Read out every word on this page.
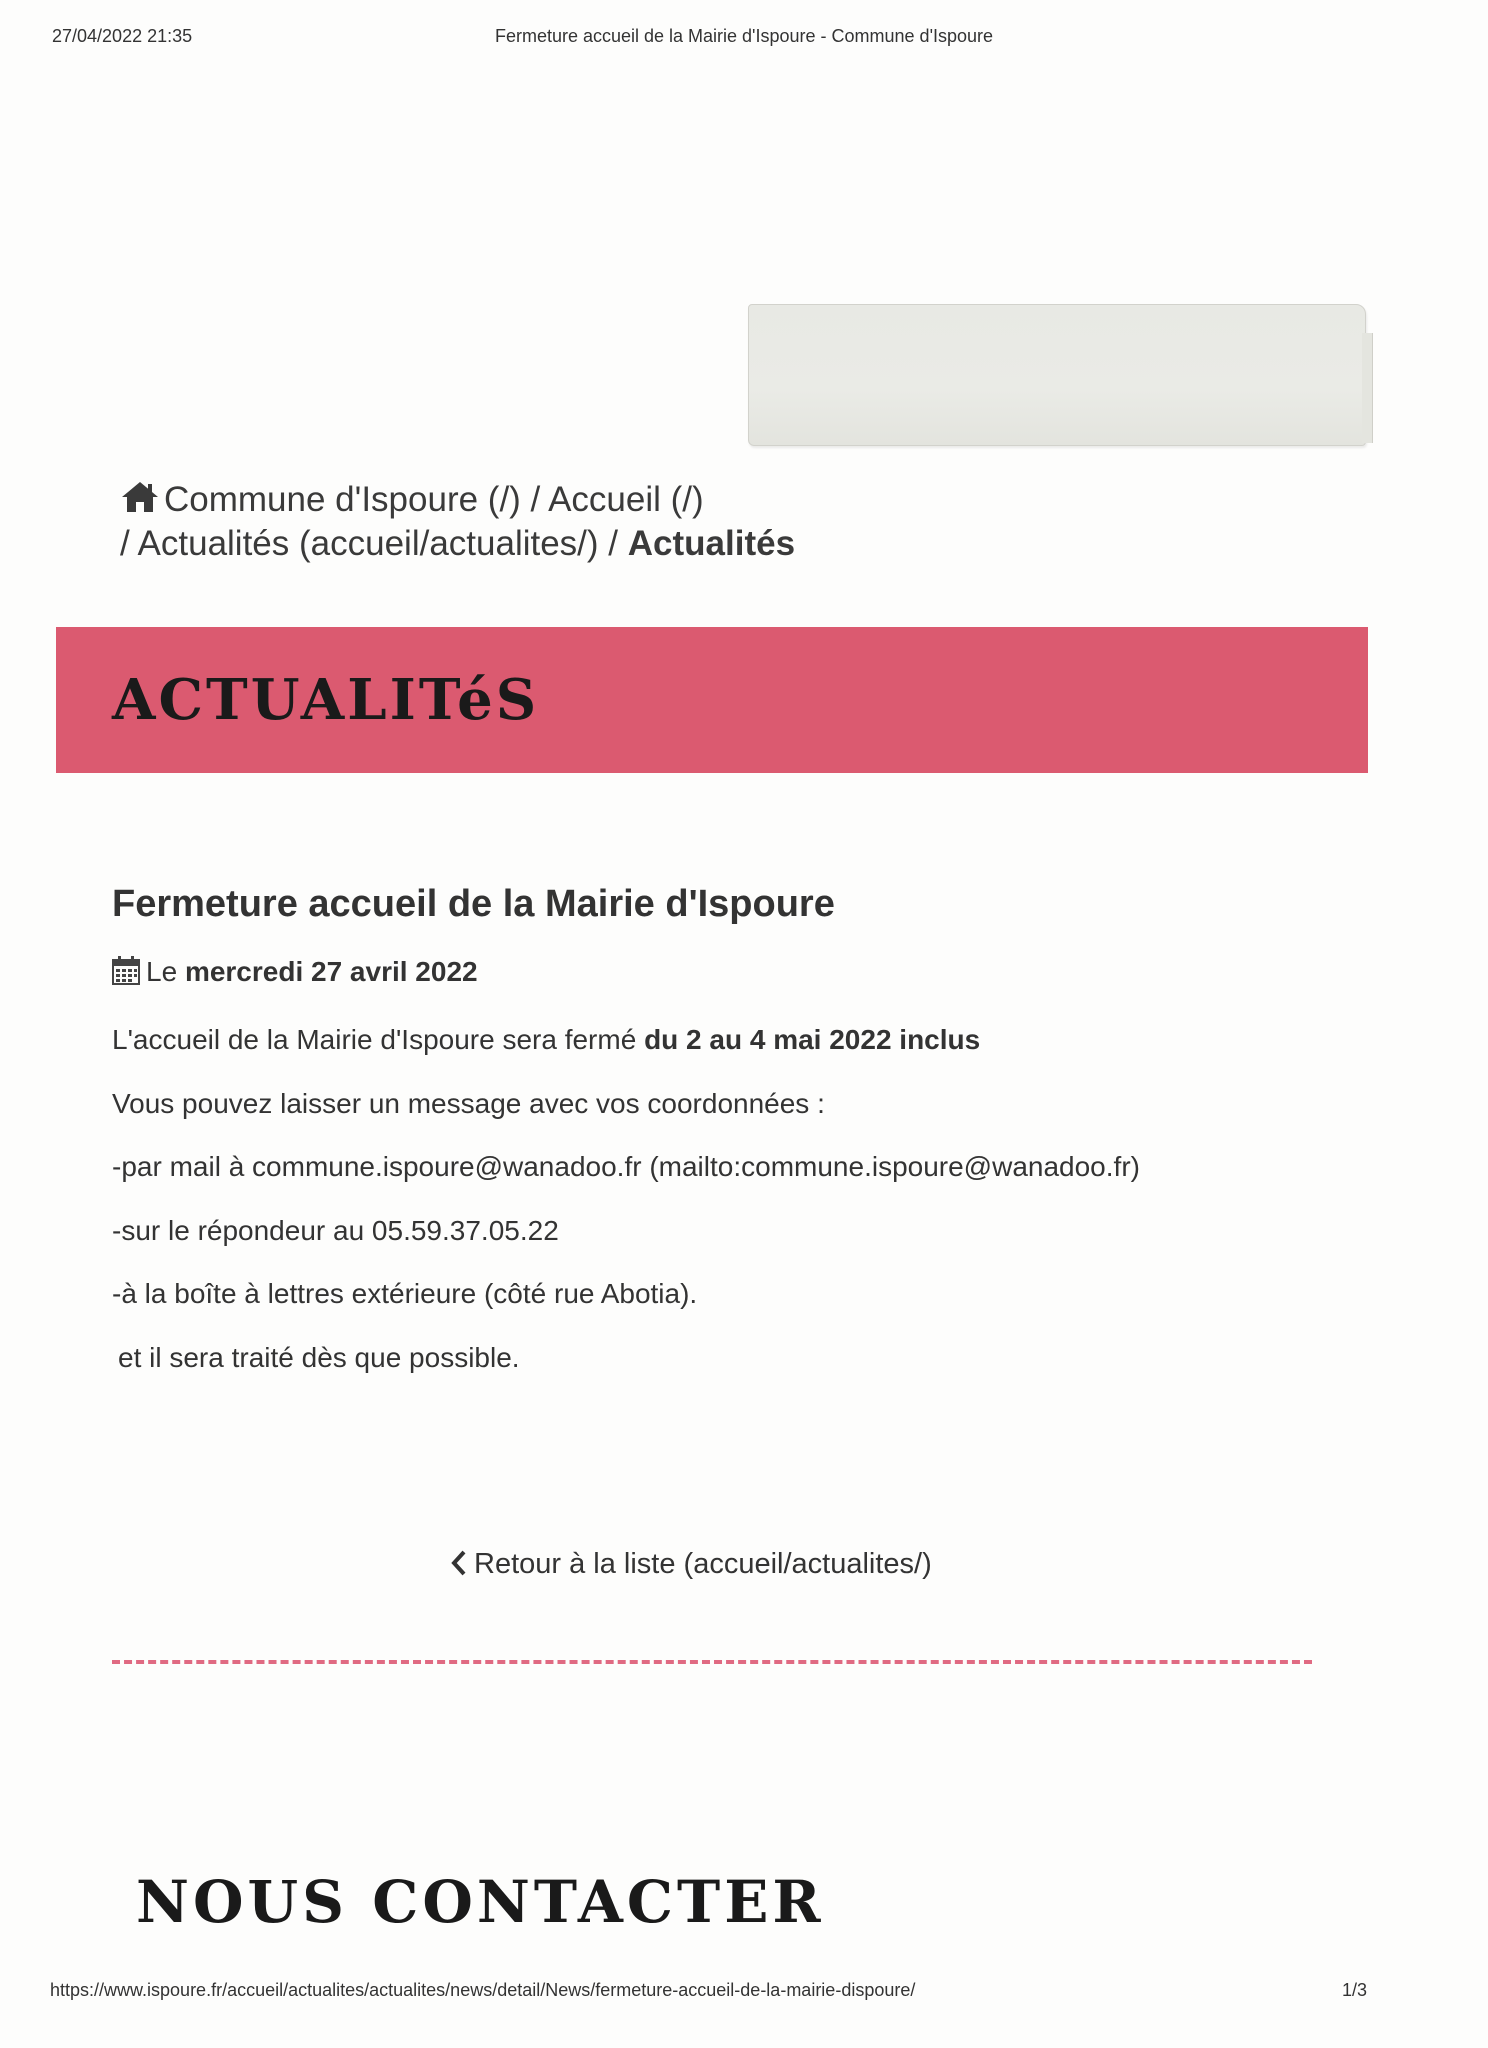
27/04/2022 21:35	Fermeture accueil de la Mairie d'Ispoure - Commune d'Ispoure
Commune d'Ispoure (/) / Accueil (/)
/ Actualités (accueil/actualites/) / Actualités
ACTUALITéS
Fermeture accueil de la Mairie d'Ispoure
Le mercredi 27 avril 2022
L'accueil de la Mairie d'Ispoure sera fermé du 2 au 4 mai 2022 inclus
Vous pouvez laisser un message avec vos coordonnées :
-par mail à commune.ispoure@wanadoo.fr (mailto:commune.ispoure@wanadoo.fr)
-sur le répondeur au 05.59.37.05.22
-à la boîte à lettres extérieure (côté rue Abotia).
et il sera traité dès que possible.
Retour à la liste (accueil/actualites/)
NOUS CONTACTER
https://www.ispoure.fr/accueil/actualites/actualites/news/detail/News/fermeture-accueil-de-la-mairie-dispoure/	1/3
